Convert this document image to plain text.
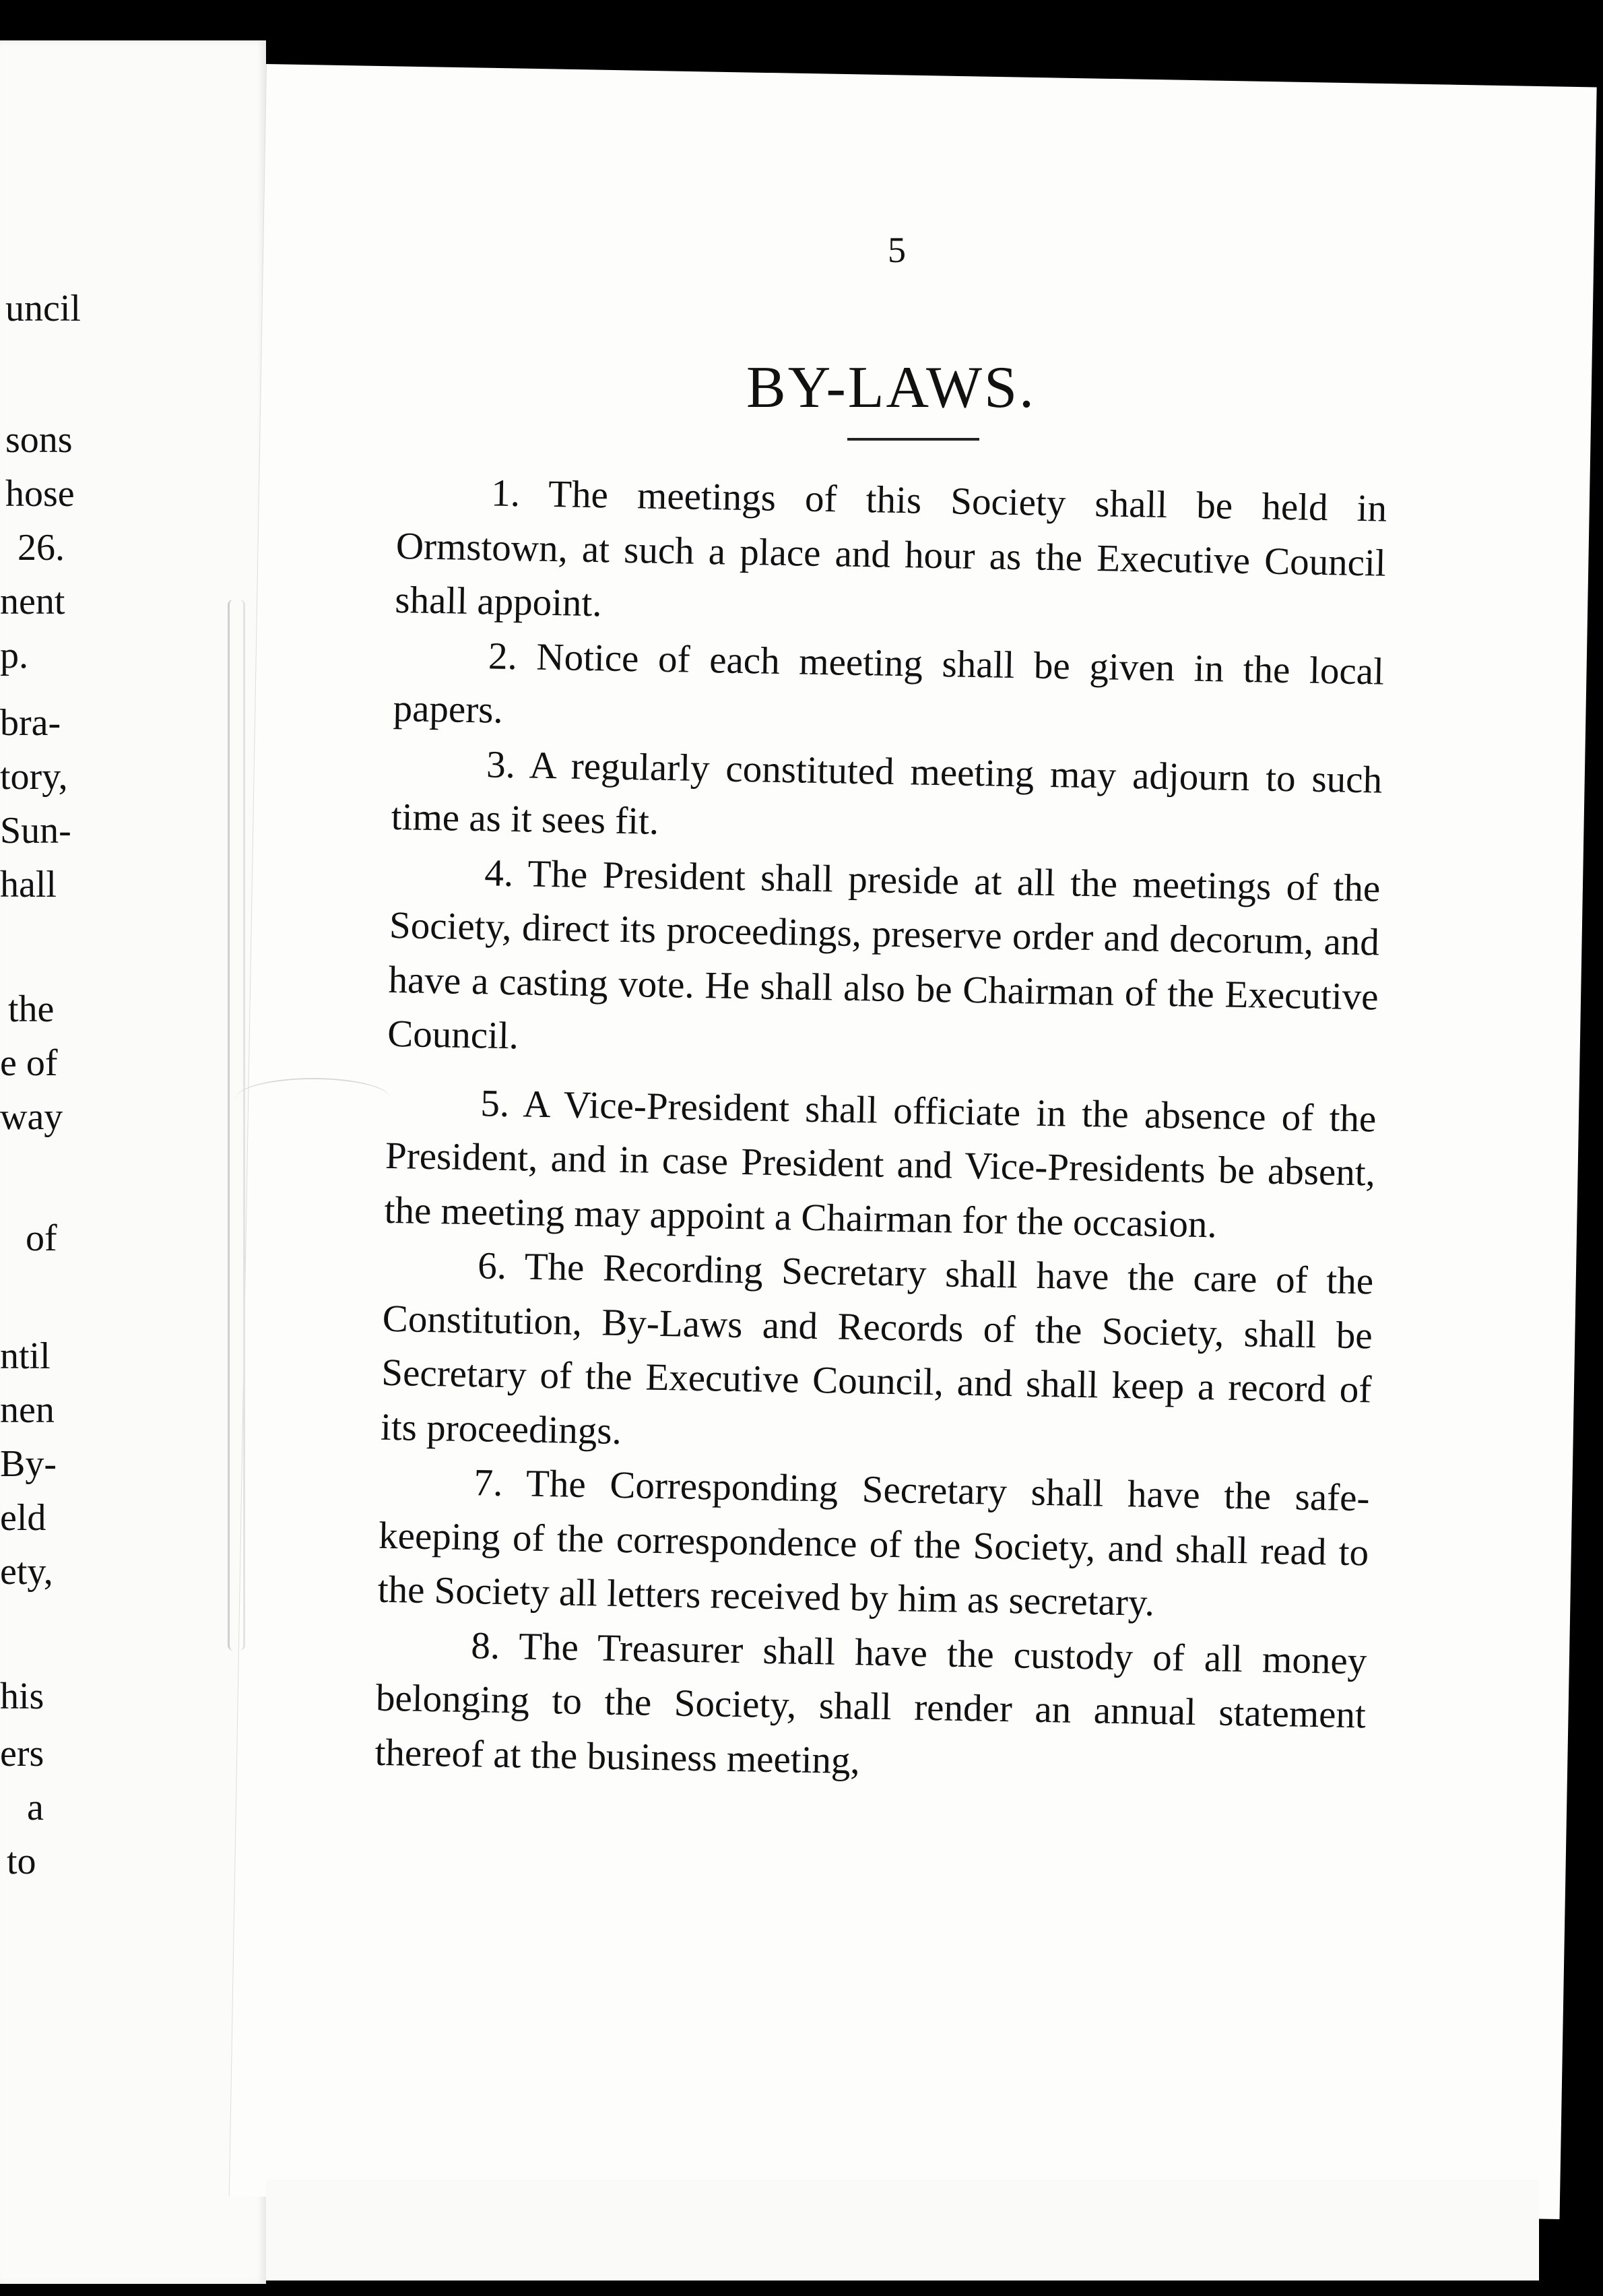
uncil
sons
hose
26.
nent
p.
bra-
tory,
Sun-
hall
the
e of
way
of
ntil
nen
By-
eld
ety,
his
ers
a
to
5
BY-LAWS.

1. The meetings of this Society shall be held in Ormstown, at such a place and hour as the Executive Council shall appoint.

2. Notice of each meeting shall be given in the local papers.

3. A regularly constituted meeting may adjourn to such time as it sees fit.

4. The President shall preside at all the meetings of the Society, direct its proceedings, preserve order and decorum, and have a casting vote. He shall also be Chairman of the Executive Council.

5. A Vice-President shall officiate in the absence of the President, and in case President and Vice-Presidents be absent, the meeting may appoint a Chairman for the occasion.

6. The Recording Secretary shall have the care of the Constitution, By-Laws and Records of the Society, shall be Secretary of the Executive Council, and shall keep a record of its proceedings.

7. The Corresponding Secretary shall have the safe-keeping of the correspondence of the Society, and shall read to the Society all letters received by him as secretary.

8. The Treasurer shall have the custody of all money belonging to the Society, shall render an annual statement thereof at the business meeting,
